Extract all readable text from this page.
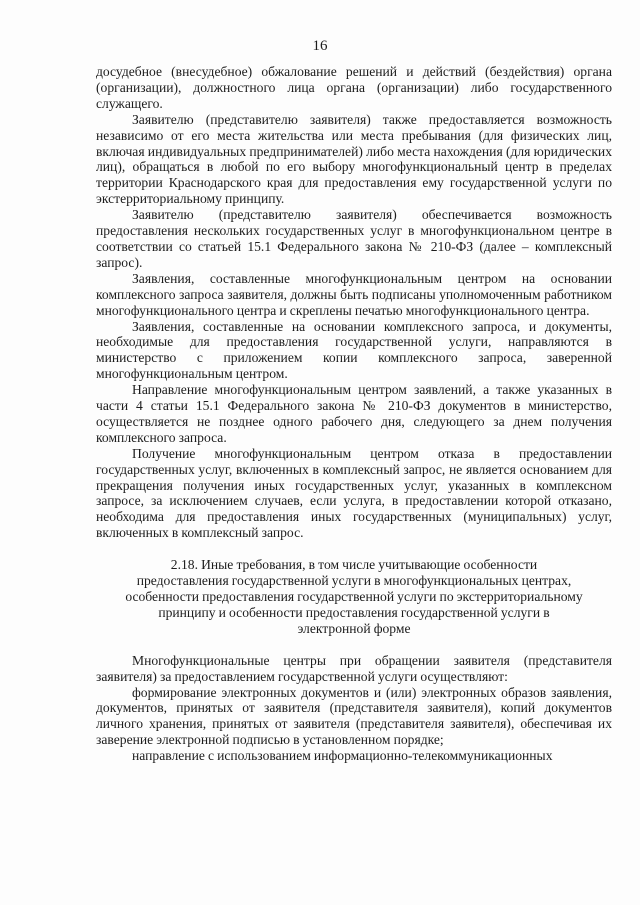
16

досудебное (внесудебное) обжалование решений и действий (бездействия) органа (организации), должностного лица органа (организации) либо государственного служащего.

Заявителю (представителю заявителя) также предоставляется возможность независимо от его места жительства или места пребывания (для физических лиц, включая индивидуальных предпринимателей) либо места нахождения (для юридических лиц), обращаться в любой по его выбору многофункциональный центр в пределах территории Краснодарского края для предоставления ему государственной услуги по экстерриториальному принципу.

Заявителю (представителю заявителя) обеспечивается возможность предоставления нескольких государственных услуг в многофункциональном центре в соответствии со статьей 15.1 Федерального закона № 210-ФЗ (далее – комплексный запрос).

Заявления, составленные многофункциональным центром на основании комплексного запроса заявителя, должны быть подписаны уполномоченным работником многофункционального центра и скреплены печатью многофункционального центра.

Заявления, составленные на основании комплексного запроса, и документы, необходимые для предоставления государственной услуги, направляются в министерство с приложением копии комплексного запроса, заверенной многофункциональным центром.

Направление многофункциональным центром заявлений, а также указанных в части 4 статьи 15.1 Федерального закона № 210-ФЗ документов в министерство, осуществляется не позднее одного рабочего дня, следующего за днем получения комплексного запроса.

Получение многофункциональным центром отказа в предоставлении государственных услуг, включенных в комплексный запрос, не является основанием для прекращения получения иных государственных услуг, указанных в комплексном запросе, за исключением случаев, если услуга, в предоставлении которой отказано, необходима для предоставления иных государственных (муниципальных) услуг, включенных в комплексный запрос.

2.18. Иные требования, в том числе учитывающие особенности предоставления государственной услуги в многофункциональных центрах, особенности предоставления государственной услуги по экстерриториальному принципу и особенности предоставления государственной услуги в электронной форме

Многофункциональные центры при обращении заявителя (представителя заявителя) за предоставлением государственной услуги осуществляют:

формирование электронных документов и (или) электронных образов заявления, документов, принятых от заявителя (представителя заявителя), копий документов личного хранения, принятых от заявителя (представителя заявителя), обеспечивая их заверение электронной подписью в установленном порядке;

направление с использованием информационно-телекоммуникационных
